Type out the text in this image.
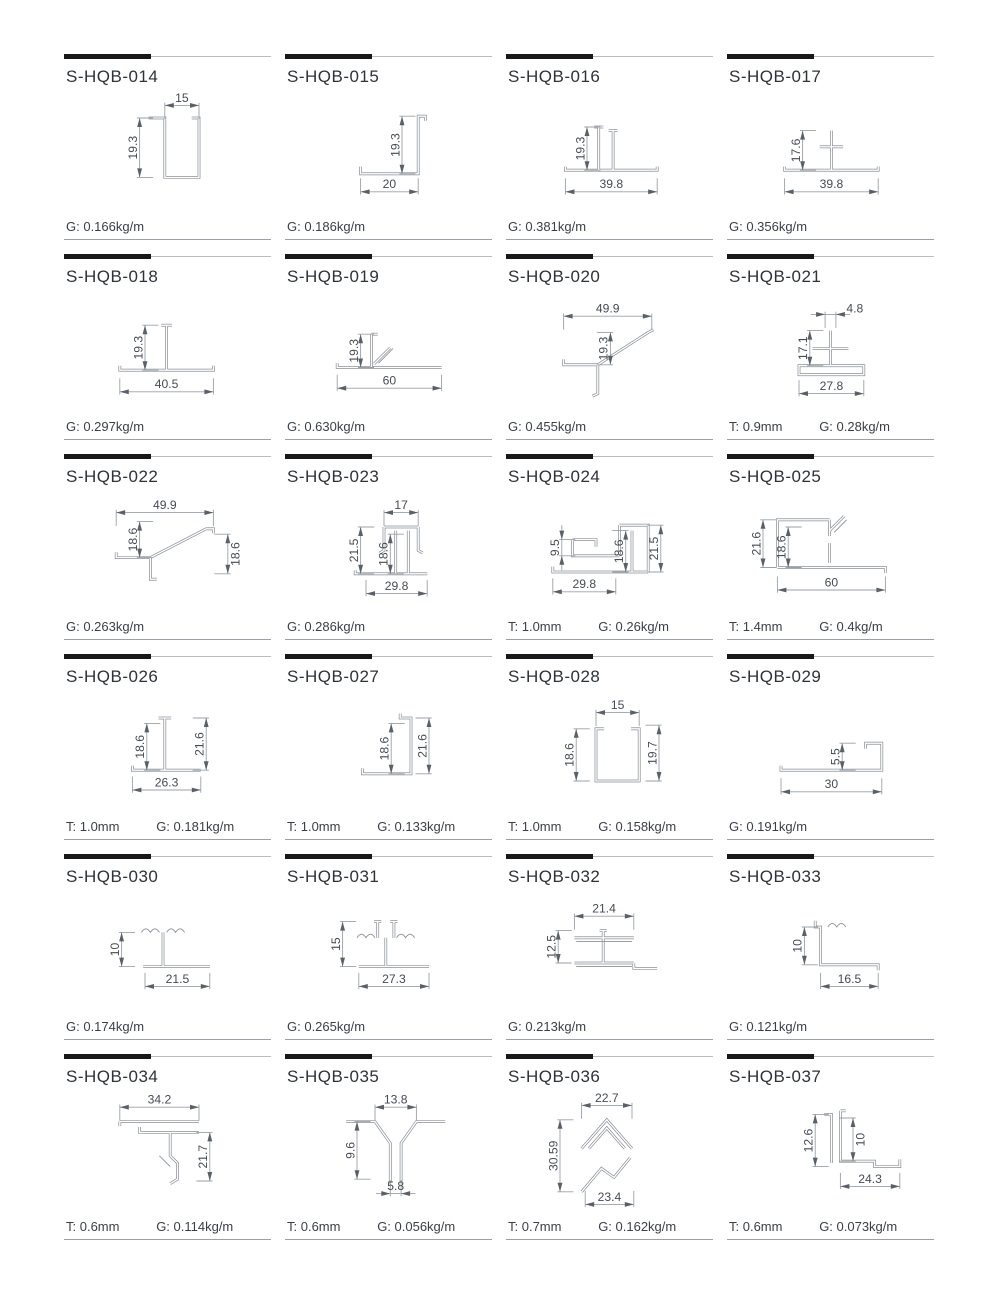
S-HQB-014
15
19.3
G: 0.166kg/m
S-HQB-015
19.3
20
G: 0.186kg/m
S-HQB-016
19.3
39.8
G: 0.381kg/m
S-HQB-017
17.6
39.8
G: 0.356kg/m
S-HQB-018
19.3
40.5
G: 0.297kg/m
S-HQB-019
19.3
60
G: 0.630kg/m
S-HQB-020
49.9
19.3
G: 0.455kg/m
S-HQB-021
4.8
17.1
27.8
T: 0.9mm	G: 0.28kg/m
S-HQB-022
49.9
18.6
18.6
G: 0.263kg/m
S-HQB-023
17
21.5 18.6
29.8
G: 0.286kg/m
S-HQB-024
9.5	18.6 21.5
29.8
T: 1.0mm	G: 0.26kg/m
S-HQB-025
21.6 18.6
60
T: 1.4mm	G: 0.4kg/m
S-HQB-026
18.6	21.6
26.3
T: 1.0mm	G: 0.181kg/m
S-HQB-027
18.6 21.6
T: 1.0mm	G: 0.133kg/m
S-HQB-028
15
18.6	19.7
T: 1.0mm	G: 0.158kg/m
S-HQB-029
5.5
30
G: 0.191kg/m
S-HQB-030
10
21.5
G: 0.174kg/m
S-HQB-031
15
27.3
G: 0.265kg/m
S-HQB-032
21.4
12.5
G: 0.213kg/m
S-HQB-033
10
16.5
G: 0.121kg/m
S-HQB-034
34.2
21.7
T: 0.6mm	G: 0.114kg/m
S-HQB-035
13.8
9.6
5.8
T: 0.6mm	G: 0.056kg/m
S-HQB-036
22.7
30.59
23.4
T: 0.7mm	G: 0.162kg/m
S-HQB-037
12.6	10
24.3
T: 0.6mm	G: 0.073kg/m
